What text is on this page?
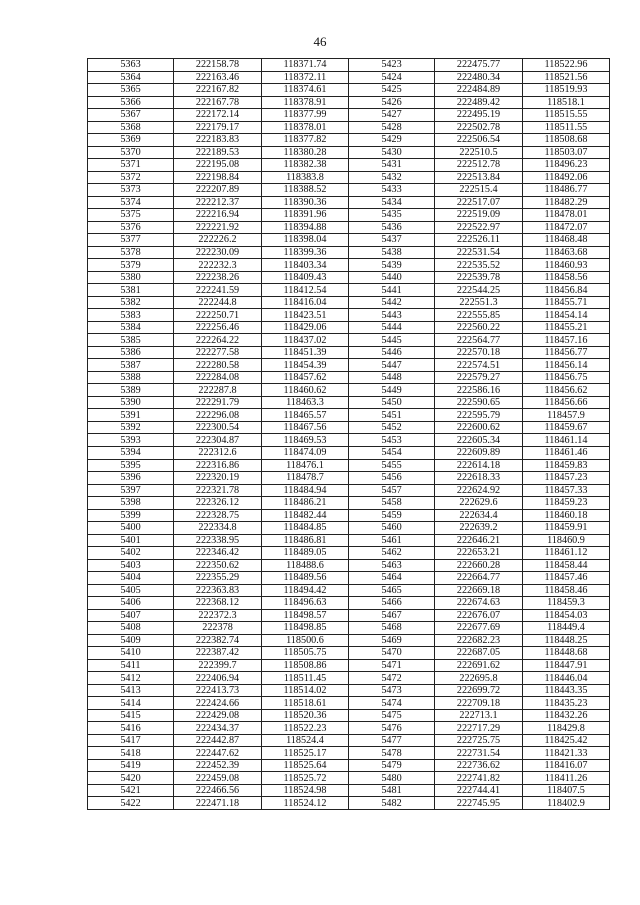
46
5363	222158.78	118371.74	5423	222475.77	118522.96
5364	222163.46	118372.11	5424	222480.34	118521.56
5365	222167.82	118374.61	5425	222484.89	118519.93
5366	222167.78	118378.91	5426	222489.42	118518.1
5367	222172.14	118377.99	5427	222495.19	118515.55
5368	222179.17	118378.01	5428	222502.78	118511.55
5369	222183.83	118377.82	5429	222506.54	118508.68
5370	222189.53	118380.28	5430	222510.5	118503.07
5371	222195.08	118382.38	5431	222512.78	118496.23
5372	222198.84	118383.8	5432	222513.84	118492.06
5373	222207.89	118388.52	5433	222515.4	118486.77
5374	222212.37	118390.36	5434	222517.07	118482.29
5375	222216.94	118391.96	5435	222519.09	118478.01
5376	222221.92	118394.88	5436	222522.97	118472.07
5377	222226.2	118398.04	5437	222526.11	118468.48
5378	222230.09	118399.36	5438	222531.54	118463.68
5379	222232.3	118403.34	5439	222535.52	118460.93
5380	222238.26	118409.43	5440	222539.78	118458.56
5381	222241.59	118412.54	5441	222544.25	118456.84
5382	222244.8	118416.04	5442	222551.3	118455.71
5383	222250.71	118423.51	5443	222555.85	118454.14
5384	222256.46	118429.06	5444	222560.22	118455.21
5385	222264.22	118437.02	5445	222564.77	118457.16
5386	222277.58	118451.39	5446	222570.18	118456.77
5387	222280.58	118454.39	5447	222574.51	118456.14
5388	222284.08	118457.62	5448	222579.27	118456.75
5389	222287.8	118460.62	5449	222586.16	118456.62
5390	222291.79	118463.3	5450	222590.65	118456.66
5391	222296.08	118465.57	5451	222595.79	118457.9
5392	222300.54	118467.56	5452	222600.62	118459.67
5393	222304.87	118469.53	5453	222605.34	118461.14
5394	222312.6	118474.09	5454	222609.89	118461.46
5395	222316.86	118476.1	5455	222614.18	118459.83
5396	222320.19	118478.7	5456	222618.33	118457.23
5397	222321.78	118484.94	5457	222624.92	118457.33
5398	222326.12	118486.21	5458	222629.6	118459.23
5399	222328.75	118482.44	5459	222634.4	118460.18
5400	222334.8	118484.85	5460	222639.2	118459.91
5401	222338.95	118486.81	5461	222646.21	118460.9
5402	222346.42	118489.05	5462	222653.21	118461.12
5403	222350.62	118488.6	5463	222660.28	118458.44
5404	222355.29	118489.56	5464	222664.77	118457.46
5405	222363.83	118494.42	5465	222669.18	118458.46
5406	222368.12	118496.63	5466	222674.63	118459.3
5407	222372.3	118498.57	5467	222676.07	118454.03
5408	222378	118498.85	5468	222677.69	118449.4
5409	222382.74	118500.6	5469	222682.23	118448.25
5410	222387.42	118505.75	5470	222687.05	118448.68
5411	222399.7	118508.86	5471	222691.62	118447.91
5412	222406.94	118511.45	5472	222695.8	118446.04
5413	222413.73	118514.02	5473	222699.72	118443.35
5414	222424.66	118518.61	5474	222709.18	118435.23
5415	222429.08	118520.36	5475	222713.1	118432.26
5416	222434.37	118522.23	5476	222717.29	118429.8
5417	222442.87	118524.4	5477	222725.75	118425.42
5418	222447.62	118525.17	5478	222731.54	118421.33
5419	222452.39	118525.64	5479	222736.62	118416.07
5420	222459.08	118525.72	5480	222741.82	118411.26
5421	222466.56	118524.98	5481	222744.41	118407.5
5422	222471.18	118524.12	5482	222745.95	118402.9
